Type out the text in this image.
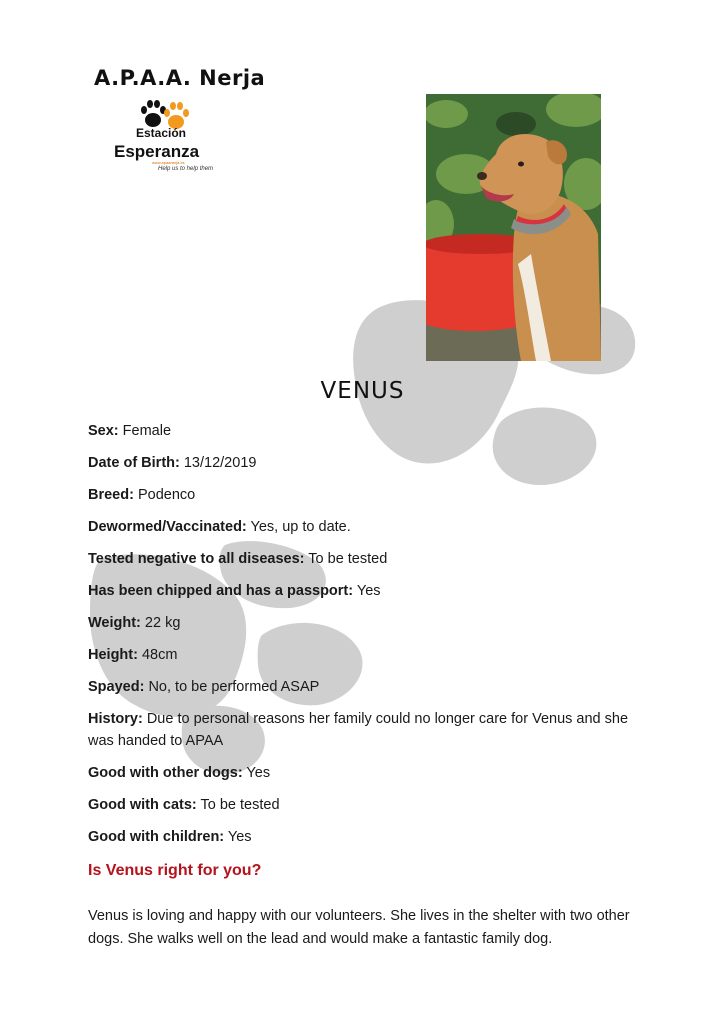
A.P.A.A. Nerja
Estación
Esperanza
www.apaanerja.es
Help us to help them
VENUS

Sex: Female

Date of Birth: 13/12/2019

Breed: Podenco

Dewormed/Vaccinated: Yes, up to date.

Tested negative to all diseases: To be tested

Has been chipped and has a passport: Yes

Weight: 22 kg

Height: 48cm

Spayed: No, to be performed ASAP

History: Due to personal reasons her family could no longer care for Venus and she was handed to APAA

Good with other dogs: Yes

Good with cats: To be tested

Good with children: Yes

Is Venus right for you?

Venus is loving and happy with our volunteers. She lives in the shelter with two other dogs. She walks well on the lead and would make a fantastic family dog.
